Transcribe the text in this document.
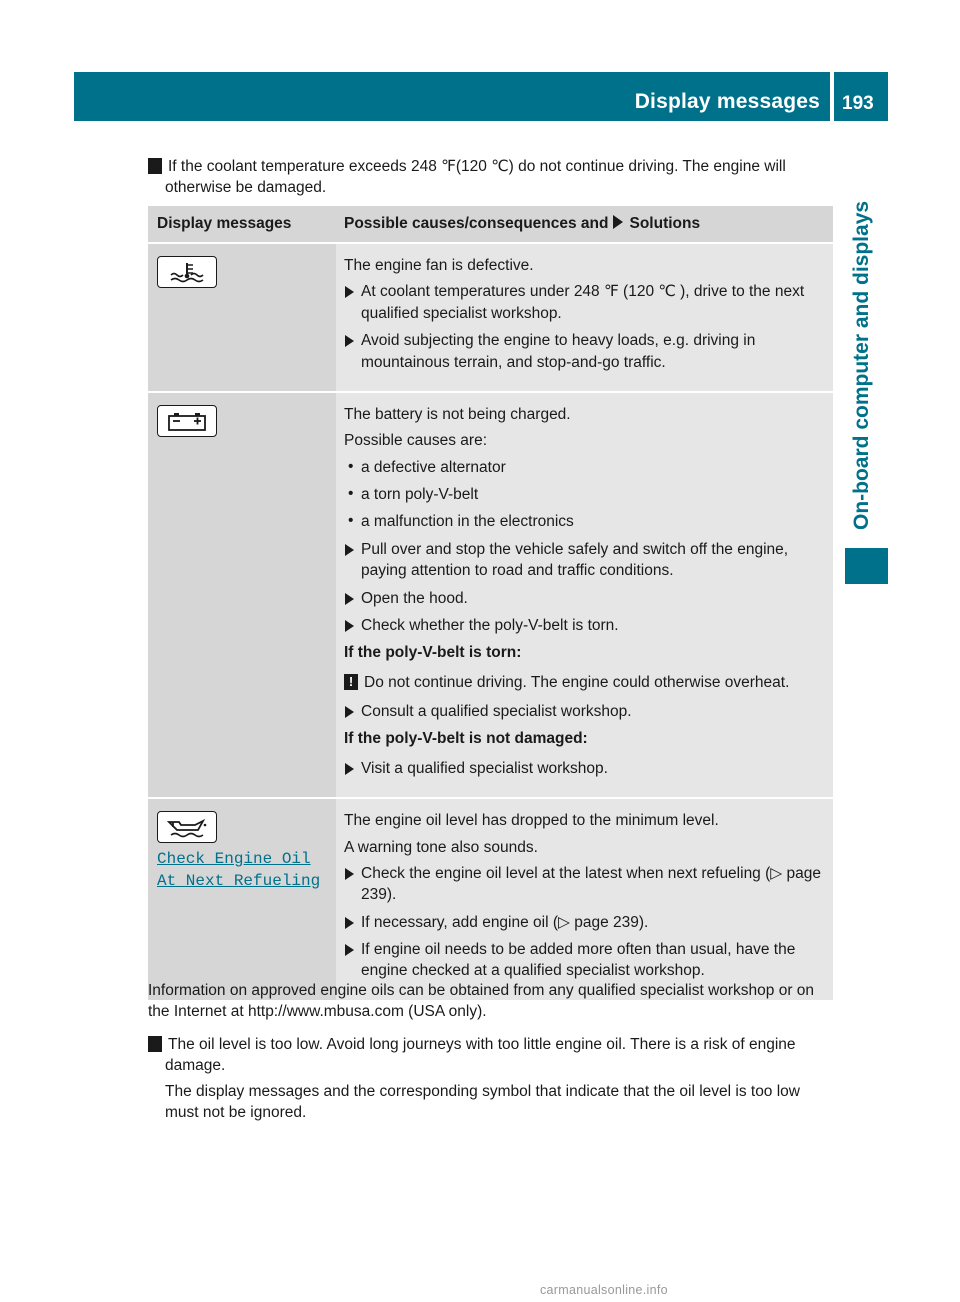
Display messages 193
On-board computer and displays
! If the coolant temperature exceeds 248 ℉(120 ℃) do not continue driving. The engine will otherwise be damaged.
Display messages	Possible causes/consequences and Solutions

The engine fan is defective.

At coolant temperatures under 248 ℉ (120 ℃ ), drive to the next qualified specialist workshop.
Avoid subjecting the engine to heavy loads, e.g. driving in mountainous terrain, and stop-and-go traffic.

The battery is not being charged.

Possible causes are:

• a defective alternator
• a torn poly-V-belt
• a malfunction in the electronics
Pull over and stop the vehicle safely and switch off the engine, paying attention to road and traffic conditions.
Open the hood.
Check whether the poly-V-belt is torn.
If the poly-V-belt is torn:
! Do not continue driving. The engine could otherwise overheat.
Consult a qualified specialist workshop.
If the poly-V-belt is not damaged:
Visit a qualified specialist workshop.
Check Engine Oil
At Next Refueling

The engine oil level has dropped to the minimum level.

A warning tone also sounds.

Check the engine oil level at the latest when next refueling (▷ page 239).
If necessary, add engine oil (▷ page 239).
If engine oil needs to be added more often than usual, have the engine checked at a qualified specialist workshop.
Information on approved engine oils can be obtained from any qualified specialist workshop or on the Internet at http://www.mbusa.com (USA only).
! The oil level is too low. Avoid long journeys with too little engine oil. There is a risk of engine damage.
The display messages and the corresponding symbol that indicate that the oil level is too low must not be ignored.
carmanualsonline.info
